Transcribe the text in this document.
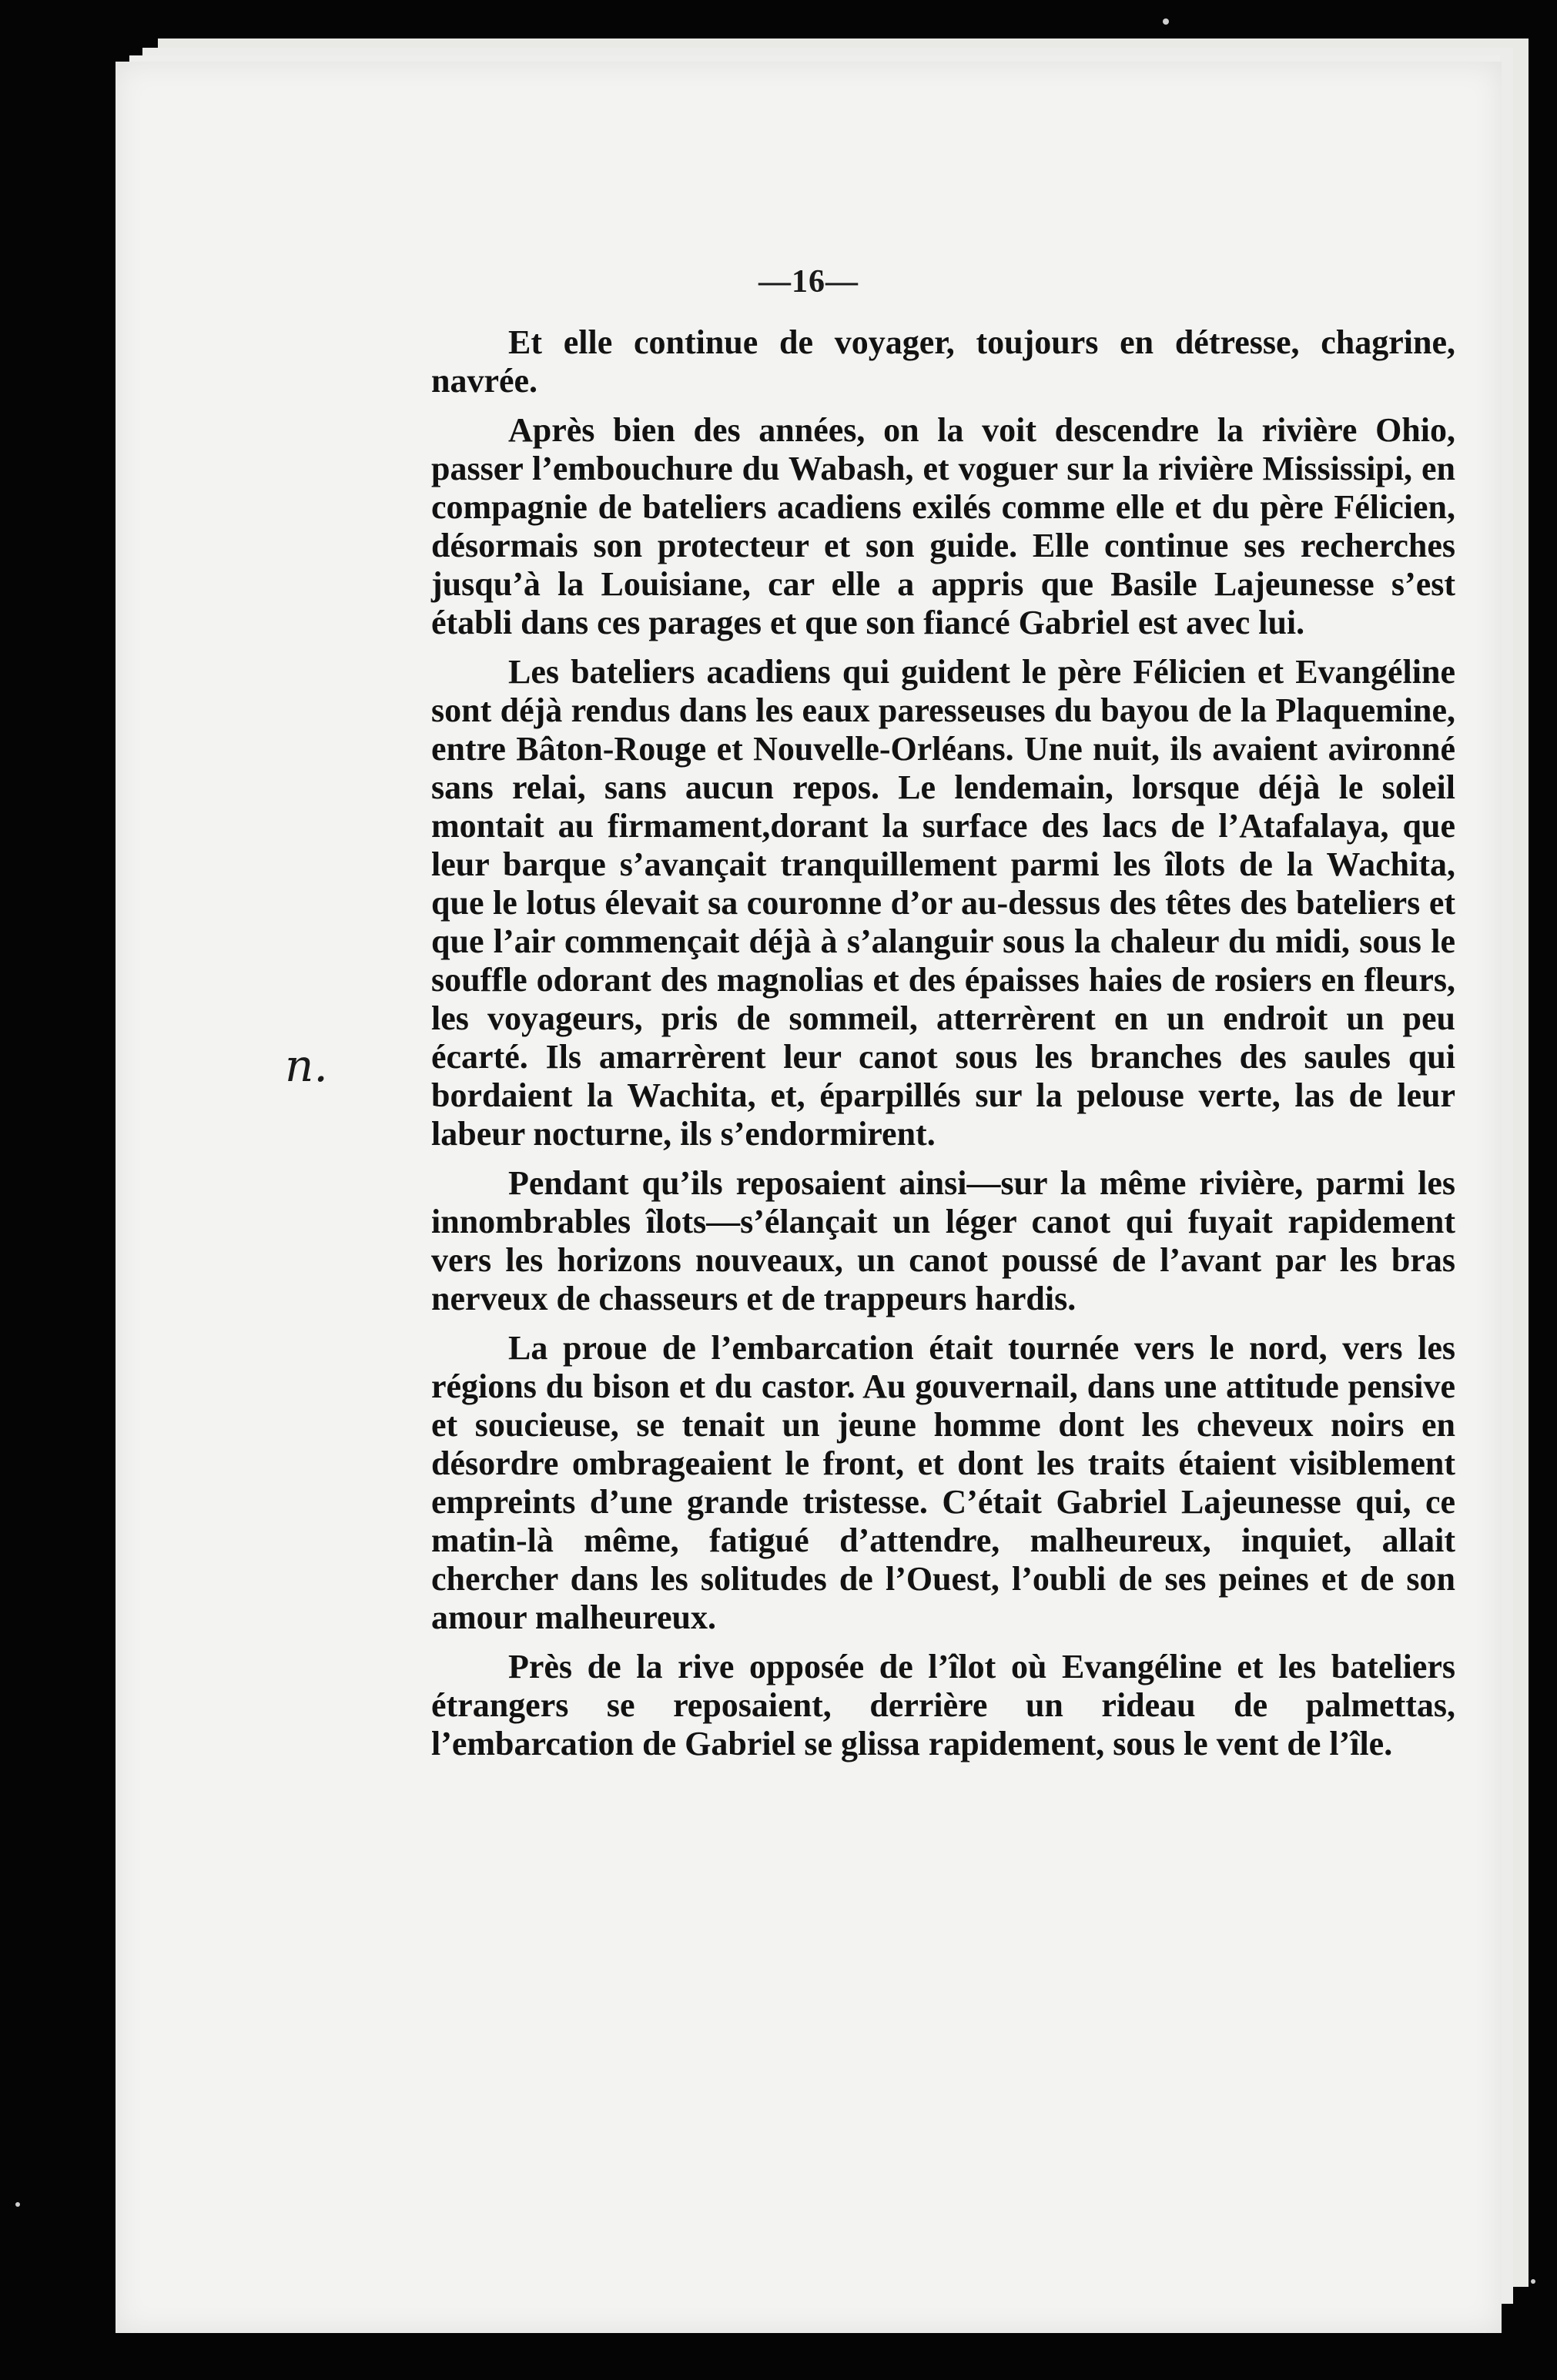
—16—
n.

Et elle continue de voyager, toujours en détresse, chagrine, navrée.

Après bien des années, on la voit descendre la rivière Ohio, passer l’embouchure du Wabash, et voguer sur la rivière Mississipi, en compagnie de bateliers acadiens exilés comme elle et du père Félicien, désormais son protecteur et son guide. Elle continue ses recherches jusqu’à la Louisiane, car elle a appris que Basile Lajeunesse s’est établi dans ces parages et que son fiancé Gabriel est avec lui.

Les bateliers acadiens qui guident le père Félicien et Evangéline sont déjà rendus dans les eaux paresseuses du bayou de la Plaquemine, entre Bâton-Rouge et Nouvelle-Orléans. Une nuit, ils avaient avironné sans relai, sans aucun repos. Le lendemain, lorsque déjà le soleil montait au firmament,dorant la surface des lacs de l’Atafalaya, que leur barque s’avançait tranquillement parmi les îlots de la Wachita, que le lotus élevait sa couronne d’or au-dessus des têtes des bateliers et que l’air commençait déjà à s’alanguir sous la chaleur du midi, sous le souffle odorant des magnolias et des épaisses haies de rosiers en fleurs, les voyageurs, pris de sommeil, atterrèrent en un endroit un peu écarté. Ils amarrèrent leur canot sous les branches des saules qui bordaient la Wachita, et, éparpillés sur la pelouse verte, las de leur labeur nocturne, ils s’endormirent.

Pendant qu’ils reposaient ainsi—sur la même rivière, parmi les innombrables îlots—s’élançait un léger canot qui fuyait rapidement vers les horizons nouveaux, un canot poussé de l’avant par les bras nerveux de chasseurs et de trappeurs hardis.

La proue de l’embarcation était tournée vers le nord, vers les régions du bison et du castor. Au gouvernail, dans une attitude pensive et soucieuse, se tenait un jeune homme dont les cheveux noirs en désordre ombrageaient le front, et dont les traits étaient visiblement empreints d’une grande tristesse. C’était Gabriel Lajeunesse qui, ce matin-là même, fatigué d’attendre, malheureux, inquiet, allait chercher dans les solitudes de l’Ouest, l’oubli de ses peines et de son amour malheureux.

Près de la rive opposée de l’îlot où Evangéline et les bateliers étrangers se reposaient, derrière un rideau de palmettas, l’embarcation de Gabriel se glissa rapidement, sous le vent de l’île.
